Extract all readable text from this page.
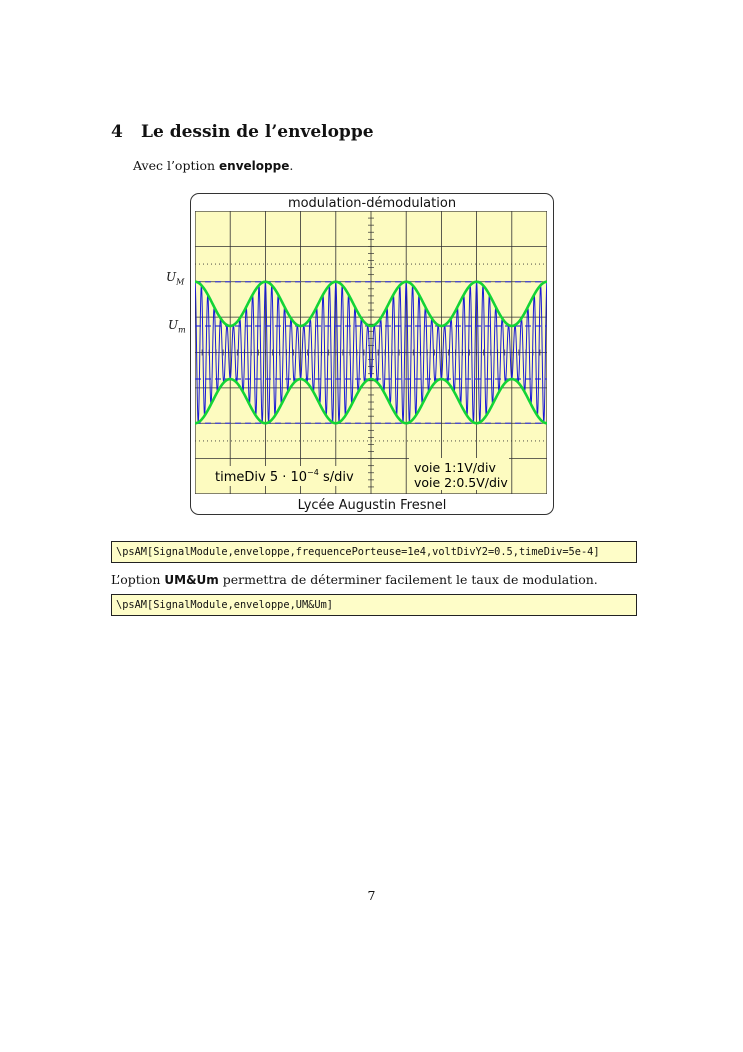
4 Le dessin de l’enveloppe
Avec l’option enveloppe.
$U_M$
$U_m$
modulation-démodulation
timeDiv $5 \cdot 10^{-4}$ s/div
voie 1:1V/div
voie 2:0.5V/div
Lycée Augustin Fresnel
\psAM[SignalModule,enveloppe,frequencePorteuse=1e4,voltDivY2=0.5,timeDiv=5e-4]
L’option UM&Um permettra de déterminer facilement le taux de modulation.
\psAM[SignalModule,enveloppe,UM&Um]
7
